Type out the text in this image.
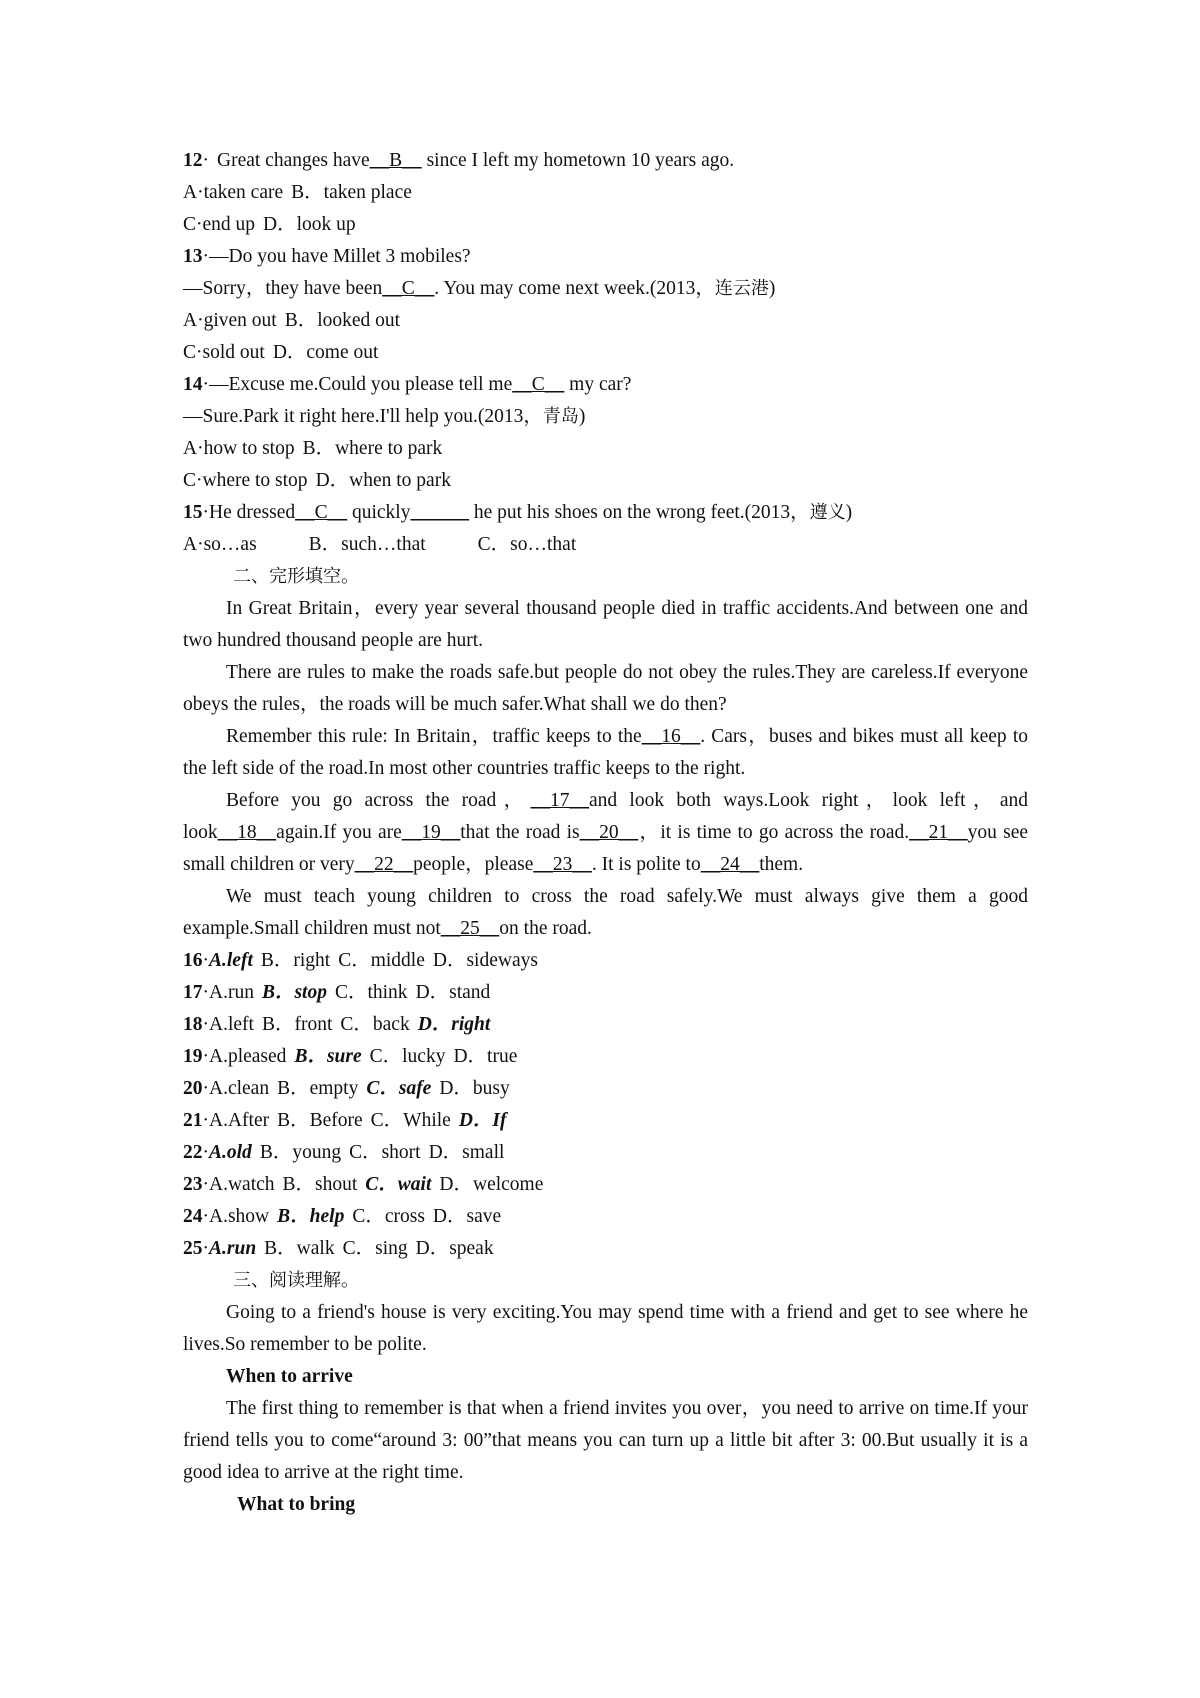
12· Great changes have__B__ since I left my hometown 10 years ago.
A·taken care B．taken place
C·end up D．look up
13·—Do you have Millet 3 mobiles?
—Sorry，they have been__C__. You may come next week.(2013，连云港)
A·given out B．looked out
C·sold out D．come out
14·—Excuse me.Could you please tell me__C__ my car?
—Sure.Park it right here.I'll help you.(2013，青岛)
A·how to stop B．where to park
C·where to stop D．when to park
15·He dressed__C__ quickly______ he put his shoes on the wrong feet.(2013，遵义)
A·so…as	B．such…that	C．so…that
二、完形填空。

In Great Britain，every year several thousand people died in traffic accidents.And between one and two hundred thousand people are hurt.

There are rules to make the roads safe.but people do not obey the rules.They are careless.If everyone obeys the rules，the roads will be much safer.What shall we do then?

Remember this rule: In Britain，traffic keeps to the__16__. Cars，buses and bikes must all keep to the left side of the road.In most other countries traffic keeps to the right.

Before you go across the road，__17__and look both ways.Look right，look left，and look__18__again.If you are__19__that the road is__20__，it is time to go across the road.__21__you see small children or very__22__people，please__23__. It is polite to__24__them.

We must teach young children to cross the road safely.We must always give them a good example.Small children must not__25__on the road.

16·A.left B．right C．middle D．sideways
17·A.run B．stop C．think D．stand
18·A.left B．front C．back D．right
19·A.pleased B．sure C．lucky D．true
20·A.clean B．empty C．safe D．busy
21·A.After B．Before C．While D．If
22·A.old B．young C．short D．small
23·A.watch B．shout C．wait D．welcome
24·A.show B．help C．cross D．save
25·A.run B．walk C．sing D．speak
三、阅读理解。

Going to a friend's house is very exciting.You may spend time with a friend and get to see where he lives.So remember to be polite.

When to arrive

The first thing to remember is that when a friend invites you over，you need to arrive on time.If your friend tells you to come“around 3: 00”that means you can turn up a little bit after 3: 00.But usually it is a good idea to arrive at the right time.

What to bring
